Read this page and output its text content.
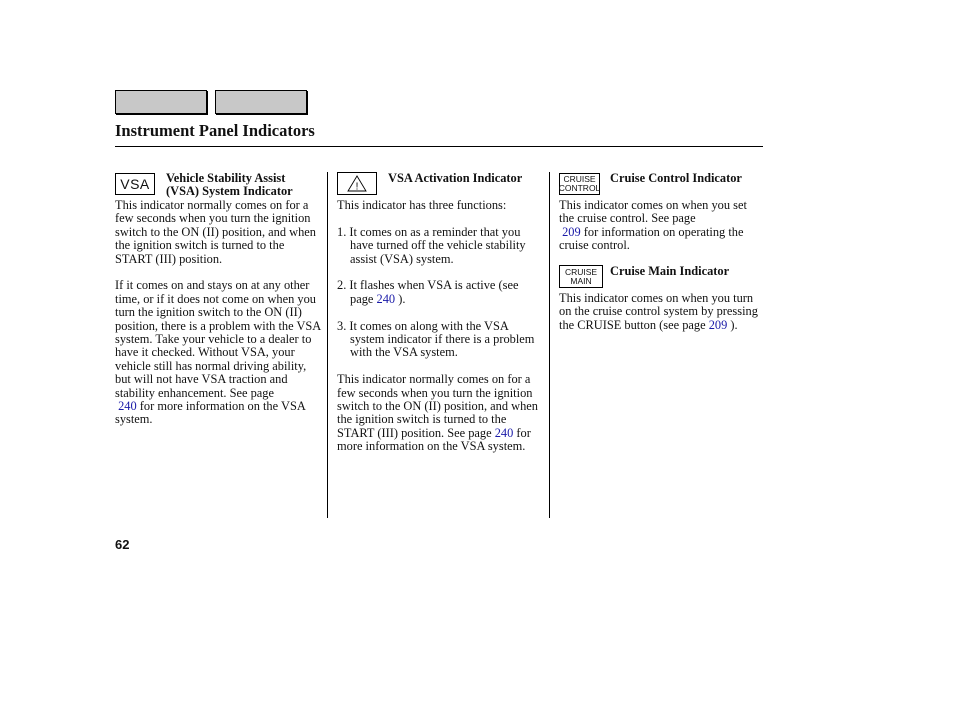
Instrument Panel Indicators
VSA	Vehicle Stability Assist

(VSA) System Indicator

This indicator normally comes on for a few seconds when you turn the ignition switch to the ON (II) position, and when the ignition switch is turned to the START (III) position.

If it comes on and stays on at any other time, or if it does not come on when you turn the ignition switch to the ON (II) position, there is a problem with the VSA system. Take your vehicle to a dealer to have it checked. Without VSA, your vehicle still has normal driving ability, but will not have VSA traction and stability enhancement. See page
240 for more information on the VSA system.

!
VSA Activation Indicator

This indicator has three functions:

1. It comes on as a reminder that you have turned off the vehicle stability assist (VSA) system.

2. It flashes when VSA is active (see page 240 ).

3. It comes on along with the VSA system indicator if there is a problem with the VSA system.

This indicator normally comes on for a few seconds when you turn the ignition switch to the ON (II) position, and when the ignition switch is turned to the START (III) position. See page 240 for more information on the VSA system.

CRUISE
CONTROL
Cruise Control Indicator

This indicator comes on when you set the cruise control. See page
209 for information on operating the cruise control.

CRUISE
MAIN
Cruise Main Indicator

This indicator comes on when you turn on the cruise control system by pressing the CRUISE button (see page 209 ).

62
